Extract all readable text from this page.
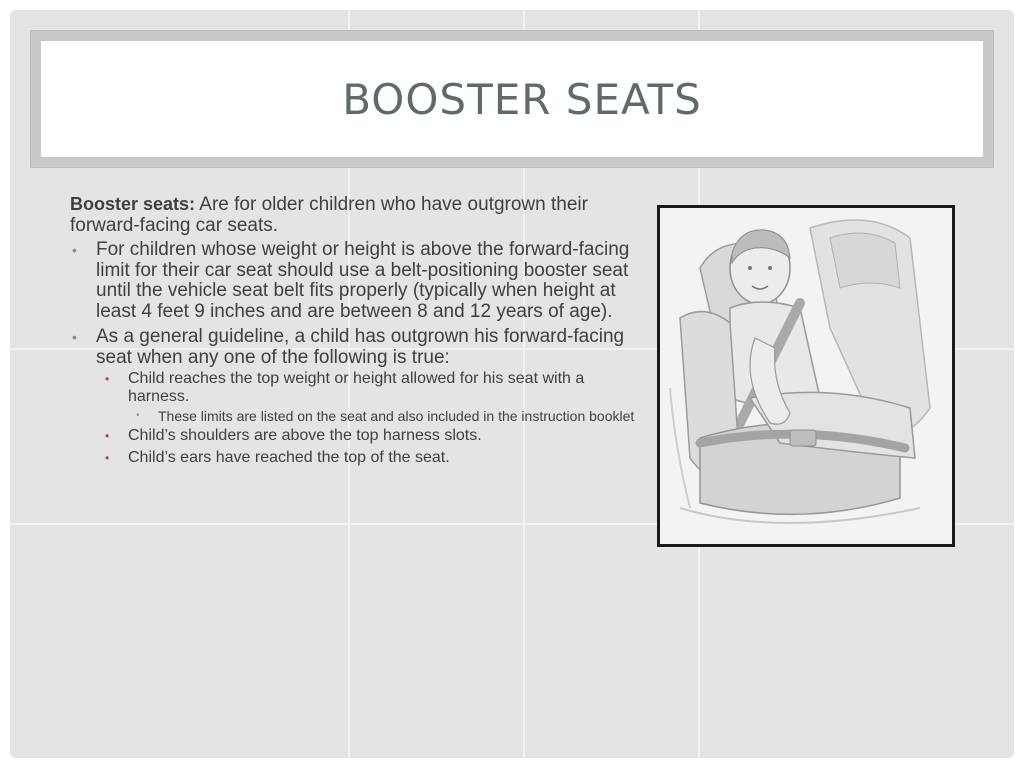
BOOSTER SEATS

Booster seats: Are for older children who have outgrown their forward-facing car seats.

• For children whose weight or height is above the forward-facing limit for their car seat should use a belt-positioning booster seat until the vehicle seat belt fits properly (typically when height at least 4 feet 9 inches and are between 8 and 12 years of age).
• As a general guideline, a child has outgrown his forward-facing seat when any one of the following is true:
• Child reaches the top weight or height allowed for his seat with a harness.
• These limits are listed on the seat and also included in the instruction booklet
• Child’s shoulders are above the top harness slots.
• Child’s ears have reached the top of the seat.
